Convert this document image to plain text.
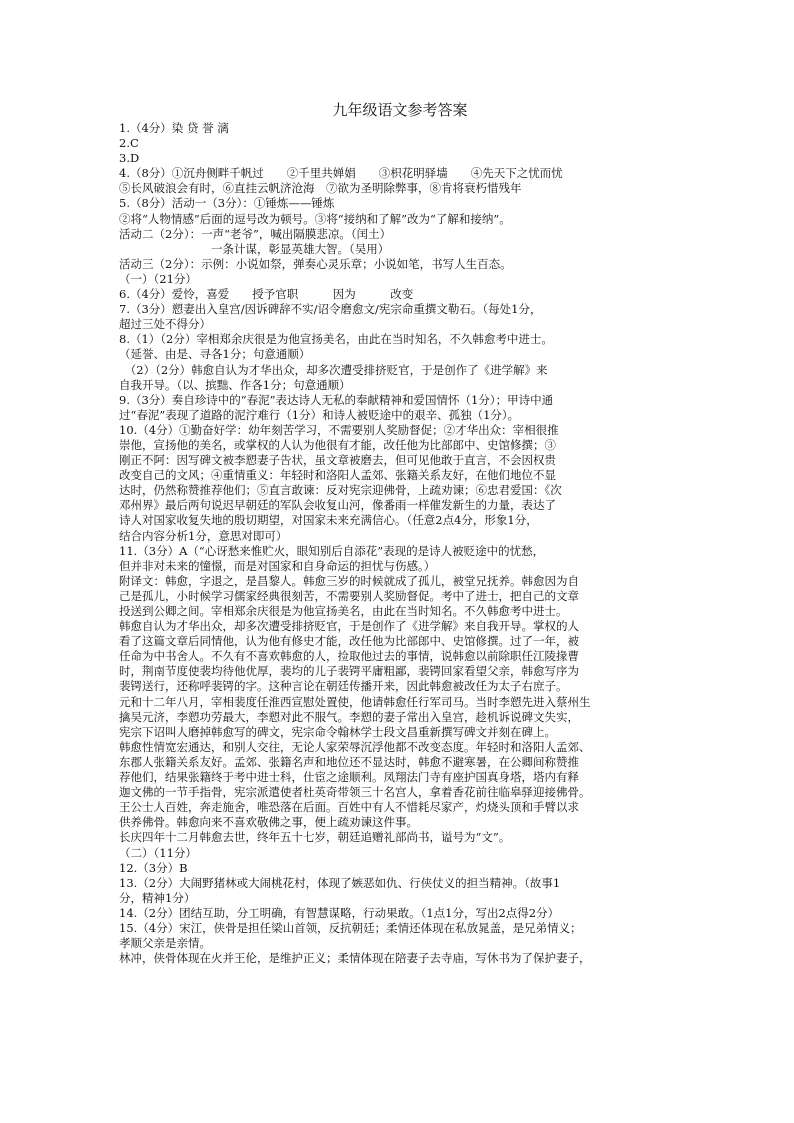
九年级语文参考答案
1.（4分）染 贷 誉 漓
2.C
3.D
4.（8分）①沉舟侧畔千帆过　　②千里共婵娟　　③枳花明驿墙　　④先天下之忧而忧
⑤长风破浪会有时，⑥直挂云帆济沧海　⑦欲为圣明除弊事，⑧肯将衰朽惜残年
5.（8分）活动一（3分）：①锤炼——锤炼
②将“人物情感”后面的逗号改为顿号。③将“接纳和了解”改为“了解和接纳”。
活动二（2分）：一声“老爷”，喊出隔膜悲凉。（闰土）
　　　　　　　　一条计谋，彰显英雄大智。（吴用）
活动三（2分）：示例：小说如祭，弹奏心灵乐章；小说如笔，书写人生百态。
（一）（21分）
6.（4分）爱怜，喜爱　　授予官职　　　因为　　　改变
7.（3分）愬妻出入皇宫/因诉碑辞不实/诏令磨愈文/宪宗命重撰文勒石。（每处1分，
超过三处不得分）
8.（1）（2分）宰相郑余庆很是为他宣扬美名，由此在当时知名，不久韩愈考中进士。
（延誉、由是、寻各1分；句意通顺）
　（2）（2分）韩愈自认为才华出众，却多次遭受排挤贬官，于是创作了《进学解》来
自我开导。（以、摈黜、作各1分；句意通顺）
9.（3分）奏自珍诗中的“春泥”表达诗人无私的奉献精神和爱国情怀（1分）；甲诗中通
过“春泥”表现了道路的泥泞难行（1分）和诗人被贬途中的艰辛、孤独（1分）。
10.（4分）①勤奋好学：幼年刻苦学习，不需要别人奖励督促；②才华出众：宰相很推
崇他，宣扬他的美名，或掌权的人认为他很有才能，改任他为比部郎中、史馆修撰；③
刚正不阿：因写碑文被李愬妻子告状，虽文章被磨去，但可见他敢于直言，不会因权贵
改变自己的文风；④重情重义：年轻时和洛阳人孟郊、张籍关系友好，在他们地位不显
达时，仍然称赞推荐他们；⑤直言敢谏：反对宪宗迎佛骨，上疏劝谏；⑥忠君爱国：《次
邓州界》最后两句说迟早朝廷的军队会收复山河，像番雨一样催发新生的力量，表达了
诗人对国家收复失地的殷切期望，对国家未来充满信心。（任意2点4分，形象1分，
结合内容分析1分，意思对即可）
11.（3分）A（“心讶愁来惟贮火，眼知别后自添花”表现的是诗人被贬途中的忧愁，
但并非对未来的憧憬，而是对国家和自身命运的担忧与伤感。）
附译文：韩愈，字退之，是昌黎人。韩愈三岁的时候就成了孤儿，被堂兄抚养。韩愈因为自
己是孤儿，小时候学习儒家经典很刻苦，不需要别人奖励督促。考中了进士，把自己的文章
投送到公卿之间。宰相郑余庆很是为他宣扬美名，由此在当时知名。不久韩愈考中进士。
韩愈自认为才华出众，却多次遭受排挤贬官，于是创作了《进学解》来自我开导。掌权的人
看了这篇文章后同情他，认为他有修史才能，改任他为比部郎中、史馆修撰。过了一年，被
任命为中书舍人。不久有不喜欢韩愈的人，捡取他过去的事情，说韩愈以前除职任江陵掾曹
时，荆南节度使裴均待他优厚，裴均的儿子裴锷平庸粗鄙，裴锷回家看望父亲，韩愈写序为
裴锷送行，还称呼裴锷的字。这种言论在朝廷传播开来，因此韩愈被改任为太子右庶子。
元和十二年八月，宰相裴度任淮西宣慰处置使，他请韩愈任行军司马。当时李愬先进入蔡州生
擒吴元济，李愬功劳最大，李愬对此不服气。李愬的妻子常出入皇宫，趁机诉说碑文失实，
宪宗下诏叫人磨掉韩愈写的碑文，宪宗命令翰林学士段文昌重新撰写碑文并刻在碑上。
韩愈性情宽宏通达，和别人交往，无论人家荣辱沉浮他都不改变态度。年轻时和洛阳人孟郊、
东郡人张籍关系友好。孟郊、张籍名声和地位还不显达时，韩愈不避寒暑，在公卿间称赞推
荐他们，结果张籍终于考中进士科，仕宦之途顺利。凤翔法门寺有座护国真身塔，塔内有释
迦文佛的一节手指骨，宪宗派遣使者杜英奇带领三十名宫人，拿着香花前往临皋驿迎接佛骨。
王公士人百姓，奔走施舍，唯恐落在后面。百姓中有人不惜耗尽家产，灼烧头顶和手臂以求
供养佛骨。韩愈向来不喜欢敬佛之事，便上疏劝谏这件事。
长庆四年十二月韩愈去世，终年五十七岁，朝廷追赠礼部尚书，谥号为“文”。
（二）（11分）
12.（3分）B
13.（2分）大闹野猪林或大闹桃花村，体现了嫉恶如仇、行侠仗义的担当精神。（故事1
分，精神1分）
14.（2分）团结互助，分工明确，有智慧谋略，行动果敢。（1点1分，写出2点得2分）
15.（4分）宋江，侠骨是担任梁山首领，反抗朝廷；柔情还体现在私放晁盖，是兄弟情义；
孝顺父亲是亲情。
林冲，侠骨体现在火并王伦，是维护正义；柔情体现在陪妻子去寺庙，写休书为了保护妻子，
